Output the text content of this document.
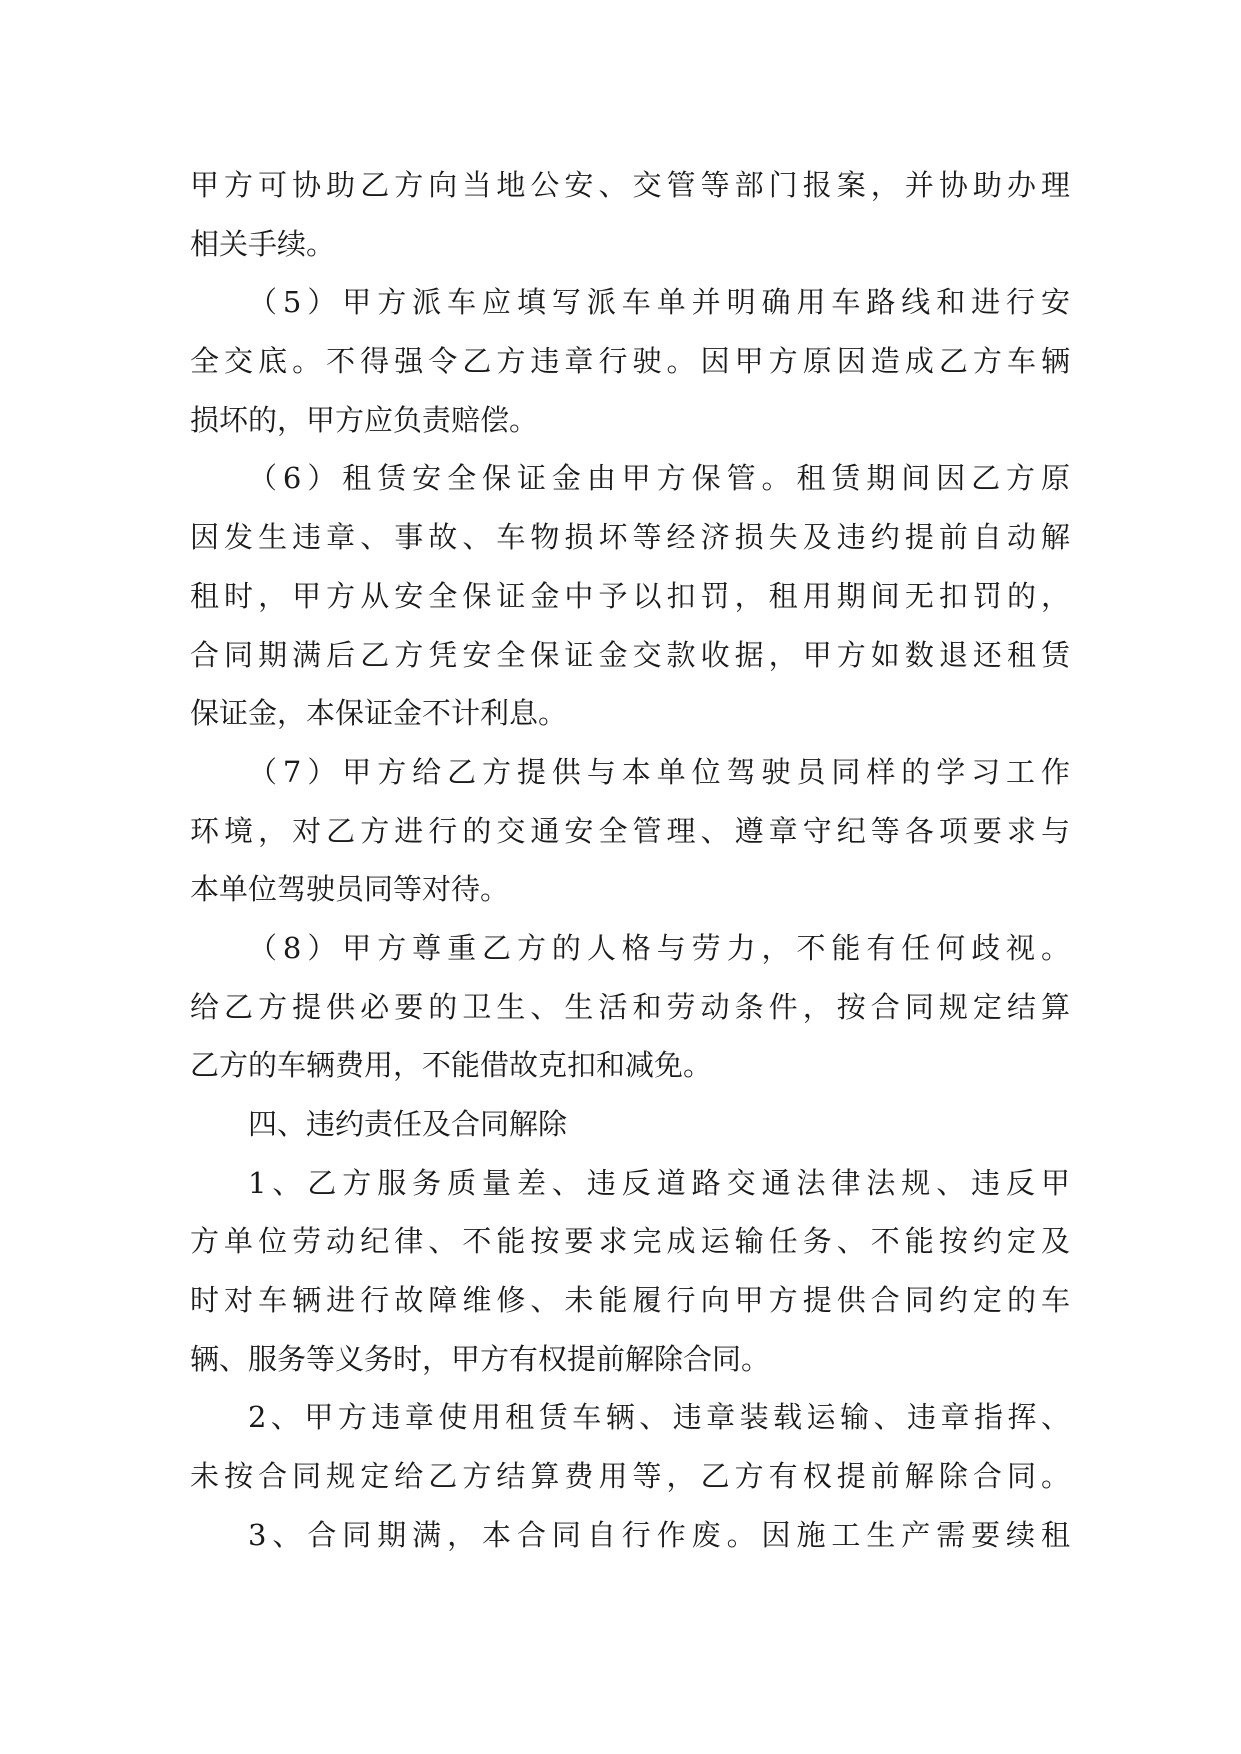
甲方可协助乙方向当地公安、交管等部门报案，并协助办理
相关手续。
（5）甲方派车应填写派车单并明确用车路线和进行安
全交底。不得强令乙方违章行驶。因甲方原因造成乙方车辆
损坏的，甲方应负责赔偿。
（6）租赁安全保证金由甲方保管。租赁期间因乙方原
因发生违章、事故、车物损坏等经济损失及违约提前自动解
租时，甲方从安全保证金中予以扣罚，租用期间无扣罚的，
合同期满后乙方凭安全保证金交款收据，甲方如数退还租赁
保证金，本保证金不计利息。
（7）甲方给乙方提供与本单位驾驶员同样的学习工作
环境，对乙方进行的交通安全管理、遵章守纪等各项要求与
本单位驾驶员同等对待。
（8）甲方尊重乙方的人格与劳力，不能有任何歧视。
给乙方提供必要的卫生、生活和劳动条件，按合同规定结算
乙方的车辆费用，不能借故克扣和减免。
四、违约责任及合同解除
1、乙方服务质量差、违反道路交通法律法规、违反甲
方单位劳动纪律、不能按要求完成运输任务、不能按约定及
时对车辆进行故障维修、未能履行向甲方提供合同约定的车
辆、服务等义务时，甲方有权提前解除合同。
2、甲方违章使用租赁车辆、违章装载运输、违章指挥、
未按合同规定给乙方结算费用等，乙方有权提前解除合同。
3、合同期满，本合同自行作废。因施工生产需要续租
